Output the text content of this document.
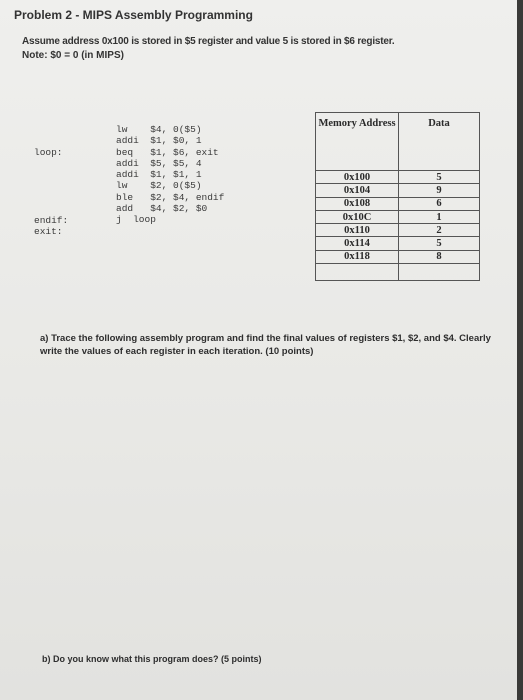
Problem 2 - MIPS Assembly Programming
Assume address 0x100 is stored in $5 register and value 5 is stored in $6 register.
Note: $0 = 0 (in MIPS)
loop:
endif:
exit:
lw    $4, 0($5)
addi  $1, $0, 1
beq   $1, $6, exit
addi  $5, $5, 4
addi  $1, $1, 1
lw    $2, 0($5)
ble   $2, $4, endif
add   $4, $2, $0
j  loop
Memory Address	Data
0x100	5
0x104	9
0x108	6
0x10C	1
0x110	2
0x114	5
0x118	8

a) Trace the following assembly program and find the final values of registers $1, $2, and $4. Clearly write the values of each register in each iteration. (10 points)
b) Do you know what this program does? (5 points)
